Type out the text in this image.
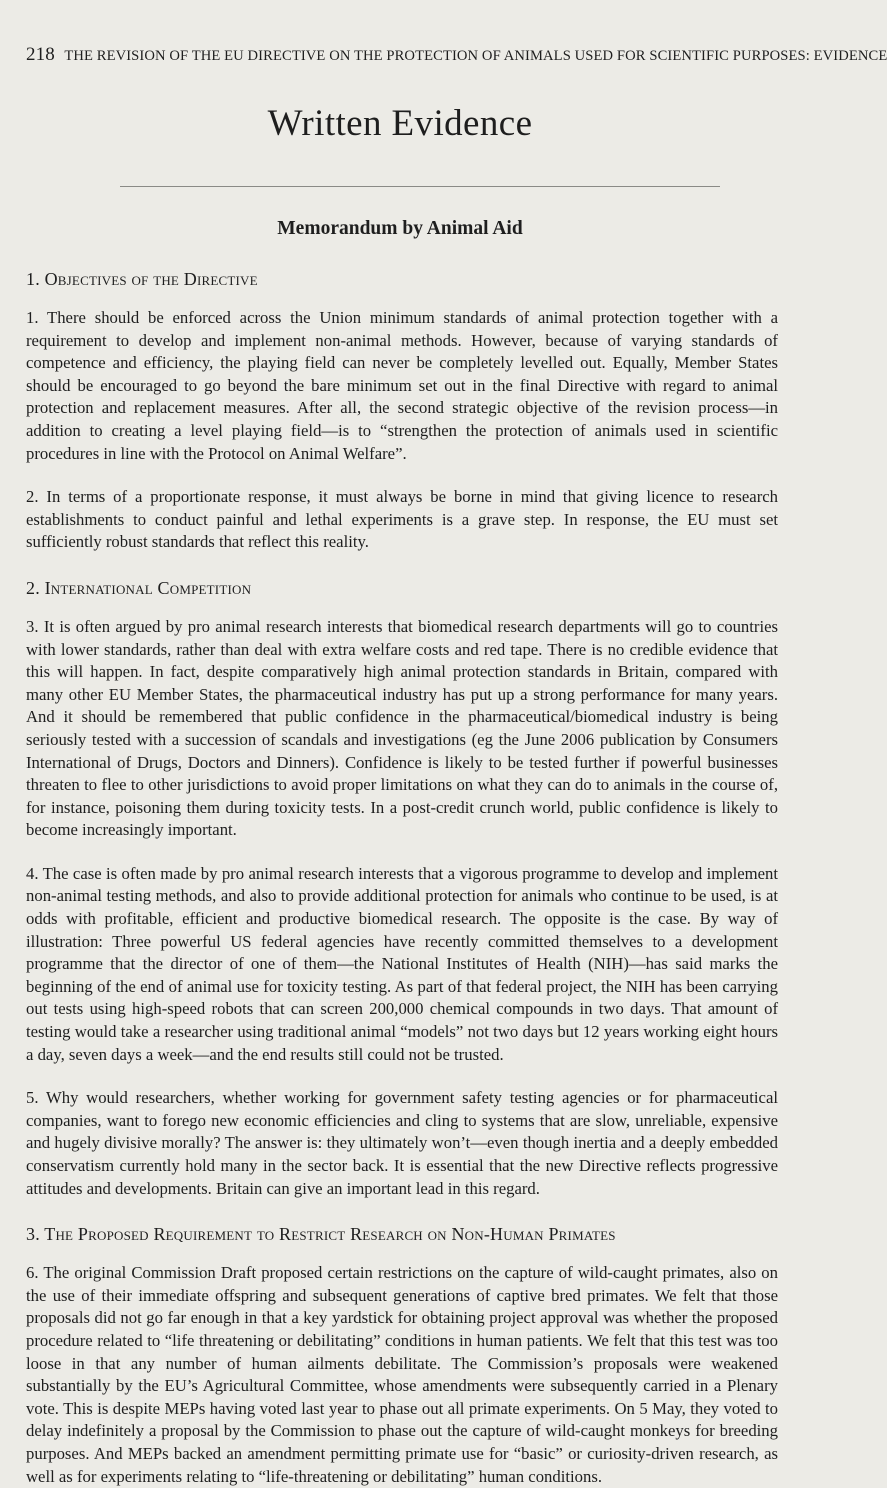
218 THE REVISION OF THE EU DIRECTIVE ON THE PROTECTION OF ANIMALS USED FOR SCIENTIFIC PURPOSES: EVIDENCE
Written Evidence
Memorandum by Animal Aid
1. Objectives of the Directive

1. There should be enforced across the Union minimum standards of animal protection together with a requirement to develop and implement non-animal methods. However, because of varying standards of competence and efficiency, the playing field can never be completely levelled out. Equally, Member States should be encouraged to go beyond the bare minimum set out in the final Directive with regard to animal protection and replacement measures. After all, the second strategic objective of the revision process—in addition to creating a level playing field—is to “strengthen the protection of animals used in scientific procedures in line with the Protocol on Animal Welfare”.

2. In terms of a proportionate response, it must always be borne in mind that giving licence to research establishments to conduct painful and lethal experiments is a grave step. In response, the EU must set sufficiently robust standards that reflect this reality.

2. International Competition

3. It is often argued by pro animal research interests that biomedical research departments will go to countries with lower standards, rather than deal with extra welfare costs and red tape. There is no credible evidence that this will happen. In fact, despite comparatively high animal protection standards in Britain, compared with many other EU Member States, the pharmaceutical industry has put up a strong performance for many years. And it should be remembered that public confidence in the pharmaceutical/biomedical industry is being seriously tested with a succession of scandals and investigations (eg the June 2006 publication by Consumers International of Drugs, Doctors and Dinners). Confidence is likely to be tested further if powerful businesses threaten to flee to other jurisdictions to avoid proper limitations on what they can do to animals in the course of, for instance, poisoning them during toxicity tests. In a post-credit crunch world, public confidence is likely to become increasingly important.

4. The case is often made by pro animal research interests that a vigorous programme to develop and implement non-animal testing methods, and also to provide additional protection for animals who continue to be used, is at odds with profitable, efficient and productive biomedical research. The opposite is the case. By way of illustration: Three powerful US federal agencies have recently committed themselves to a development programme that the director of one of them—the National Institutes of Health (NIH)—has said marks the beginning of the end of animal use for toxicity testing. As part of that federal project, the NIH has been carrying out tests using high-speed robots that can screen 200,000 chemical compounds in two days. That amount of testing would take a researcher using traditional animal “models” not two days but 12 years working eight hours a day, seven days a week—and the end results still could not be trusted.

5. Why would researchers, whether working for government safety testing agencies or for pharmaceutical companies, want to forego new economic efficiencies and cling to systems that are slow, unreliable, expensive and hugely divisive morally? The answer is: they ultimately won’t—even though inertia and a deeply embedded conservatism currently hold many in the sector back. It is essential that the new Directive reflects progressive attitudes and developments. Britain can give an important lead in this regard.

3. The Proposed Requirement to Restrict Research on Non-Human Primates

6. The original Commission Draft proposed certain restrictions on the capture of wild-caught primates, also on the use of their immediate offspring and subsequent generations of captive bred primates. We felt that those proposals did not go far enough in that a key yardstick for obtaining project approval was whether the proposed procedure related to “life threatening or debilitating” conditions in human patients. We felt that this test was too loose in that any number of human ailments debilitate. The Commission’s proposals were weakened substantially by the EU’s Agricultural Committee, whose amendments were subsequently carried in a Plenary vote. This is despite MEPs having voted last year to phase out all primate experiments. On 5 May, they voted to delay indefinitely a proposal by the Commission to phase out the capture of wild-caught monkeys for breeding purposes. And MEPs backed an amendment permitting primate use for “basic” or curiosity-driven research, as well as for experiments relating to “life-threatening or debilitating” human conditions.
